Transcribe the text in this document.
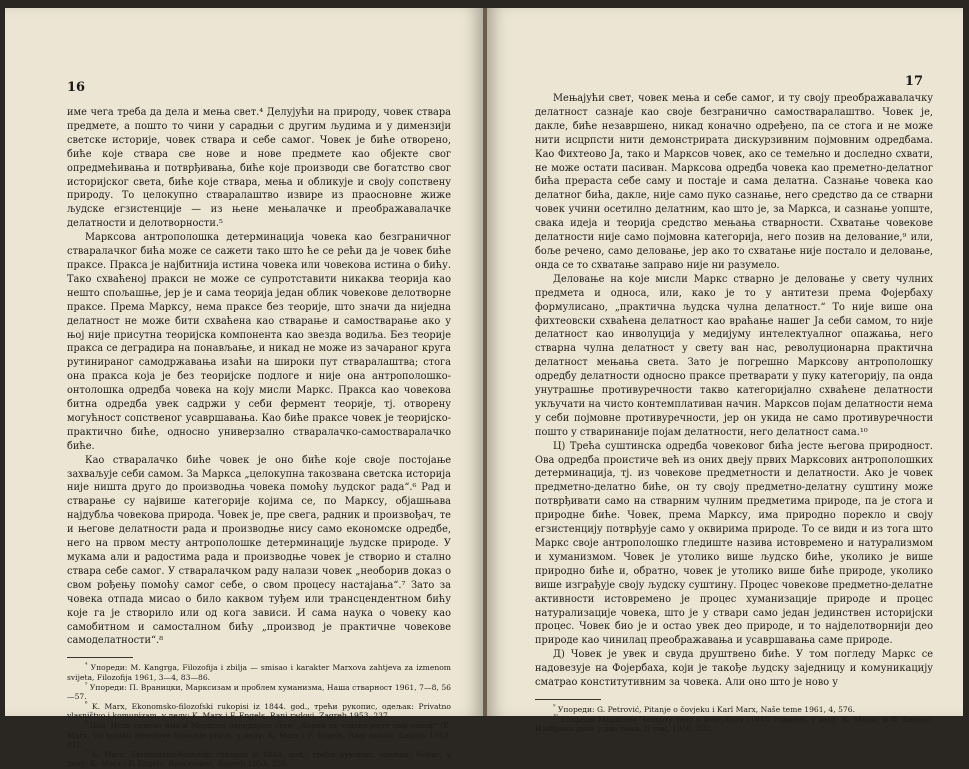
16

име чега треба да дела и мења свет.⁴ Делујући на природу, човек ствара предмете, а пошто то чини у сарадњи с другим људима и у димензији светске историје, човек ствара и себе самог. Човек је биће отворено, биће које ствара све нове и нове предмете као објекте свог опредмећивања и потврђивања, биће које производи све богатство свог историјског света, биће које ствара, мења и обликује и своју сопствену природу. То целокупно стваралаштво извире из праосновне жиже људске егзистенције — из њене мењалачке и преображавалачке делатности и делотворности.⁵

Марксова антрополошка детерминација човека као безграничног стваралачког бића може се сажети тако што ће се рећи да је човек биће праксе. Пракса је најбитнија истина човека или човекова истина о бићу. Тако схваћеној пракси не може се супротставити никаква теорија као нешто спољашње, јер је и сама теорија један облик човекове делотворне праксе. Према Марксу, нема праксе без теорије, што значи да ниједна делатност не може бити схваћена као стварање и самостварање ако у њој није присутна теоријска компонента као звезда водиља. Без теорије пракса се деградира на понављање, и никад не може из зачараног круга рутинираног самодржавања изаћи на широки пут стваралаштва; стога она пракса која је без теоријске подлоге и није она антрополошко-онтолошка одредба човека на коју мисли Маркс. Пракса као човекова битна одредба увек садржи у себи фермент теорије, тј. отворену могућност сопственог усавршавања. Као биће праксе човек је теоријско-практично биће, односно универзално стваралачко-самостваралачко биће.

Као стваралачко биће човек је оно биће које своје постојање захваљује себи самом. За Маркса „целокупна такозвана светска историја није ништа друго до производња човека помоћу људског рада“.⁶ Рад и стварање су највише категорије којима се, по Марксу, објашњава најдубља човекова природа. Човек је, пре свега, радник и произвођач, те и његове делатности рада и производње нису само економске одредбе, него на првом месту антрополошке детерминације људске природе. У мукама али и радостима рада и производње човек је створио и стално ствара себе самог. У стваралачком раду налази човек „необорив доказ о свом рођењу помоћу самог себе, о свом процесу настајања“.⁷ Зато за човека отпада мисао о било каквом туђем или трансцендентном бићу које га је створило или од кога зависи. И сама наука о човеку као самобитном и самосталном бићу „производ је практичне човекове самоделатности“.⁸

$^{^4}$ Упореди: M. Kangrga, Filozofija i zbilja — smisao i karakter Marxova zahtjeva za izmenom svijeta, Filozofija 1961, 3—4, 83—86.

$^{^5}$ Упореди: П. Враницки, Марксизам и проблем хуманизма, Наша стварност 1961, 7—8, 56—57.

$^{^6}$ K. Marx, Ekonomsko-filozofski rukopisi iz 1844. god., трећи рукопис, одељак: Privatno vlasništvo i komunizam, у делу: K. Marx i F. Engels, Rani radovi, Zagreb 1953, 237.

$^{^7}$ Ibid. Исти смисао има и Марксов лапидаран став: „Корен за човека јесте сам човек“ (K. Marx, Uz kritiku Hegelove filozofije prava, у делу: K. Marx i F. Engels, Rani radovi, Zagreb 1953, 81).

$^{^8}$ K. Marx, Ekonomsko-filozofski rukopisi iz 1844. god., трећи рукопис, одељак: Novac, у делу: K. Marx i F. Engels, Rani radovi, Zagreb 1953, 255.

17

Мењајући свет, човек мења и себе самог, и ту своју преображавалачку делатност сазнаје као своје безгранично самостваралаштво. Човек је, дакле, биће незавршено, никад коначно одређено, па се стога и не може нити исцрпсти нити демонстрирата дискурзивним појмовним одредбама. Као Фихтеово Ја, тако и Марксов човек, ако се темељно и доследно схвати, не може остати пасиван. Марксова одредба човека као преметно-делатног бића прераста себе саму и постаје и сама делатна. Сазнање човека као делатног бића, дакле, није само пуко сазнање, него средство да се стварни човек учини осетилно делатним, као што је, за Маркса, и сазнање уопште, свака идеја и теорија средство мењања стварности. Схватање човекове делатности није само појмовна категорија, него позив на делование,⁹ или, боље речено, само деловање, јер ако то схватање није постало и деловање, онда се то схватање заправо није ни разумело.

Деловање на које мисли Маркс стварно је деловање у свету чулних предмета и односа, или, како је то у антитези према Фојербаху формулисано, „практична људска чулна делатност.“ То није више она фихтеовски схваћена делатност као враћање нашег Ја себи самом, то није делатност као инволуција у медијуму интелектуалног опажања, него стварна чулна делатност у свету ван нас, револуционарна практична делатност мењања света. Зато је погрешно Марксову антрополошку одредбу делатности односно праксе претварати у пуку категорију, па онда унутрашње противуречности такво категоријално схваћене делатности укључати на чисто контемплативан начин. Марксов појам делатности нема у себи појмовне противуречности, јер он укида не само противуречности пошто у стваринаније појам делатности, него делатност сама.¹⁰

Ц) Трећа суштинска одредба човековог бића јесте његова природност. Ова одредба проистиче већ из оних двеју првих Марксових антрополошких детерминација, тј. из човекове предметности и делатности. Ако је човек предметно-делатно биће, он ту своју предметно-делатну суштину може потврђивати само на стварним чулним предметима природе, па је стога и природне биће. Човек, према Марксу, има природно порекло и своју егзистенцију потврђује само у оквирима природе. То се види и из тога што Маркс своје антрополошко гледиште назива истовремено и натурализмом и хуманизмом. Човек је утолико више људско биће, уколико је више природно биће и, обратно, човек је утолико више биће природе, уколико више изграђује своју људску суштину. Процес човекове предметно-делатне активности истовремено је процес хуманизације природе и процес натурализације човека, што је у ствари само један јединствен историјски процес. Човек био је и остао увек део природе, и то најделотворнији део природе као чинилац преображавања и усавршавања саме природе.

Д) Човек је увек и свуда друштвено биће. У том погледу Маркс се надовезује на Фојербаха, који је такође људску заједницу и комуникацију сматрао конститутивним за човека. Али оно што је ново у

$^{^9}$ Упореди: G. Petrović, Pitanje o čovjeku i Karl Marx, Naše teme 1961, 4, 576.

$^{^{10}}$ Упореди Марксову Четврту тезу о Фојербаху (1845. године), у делу: К. Маркс и Ф. Енгелс, Изабрана дела у два тома, II том, 1950, 392.
